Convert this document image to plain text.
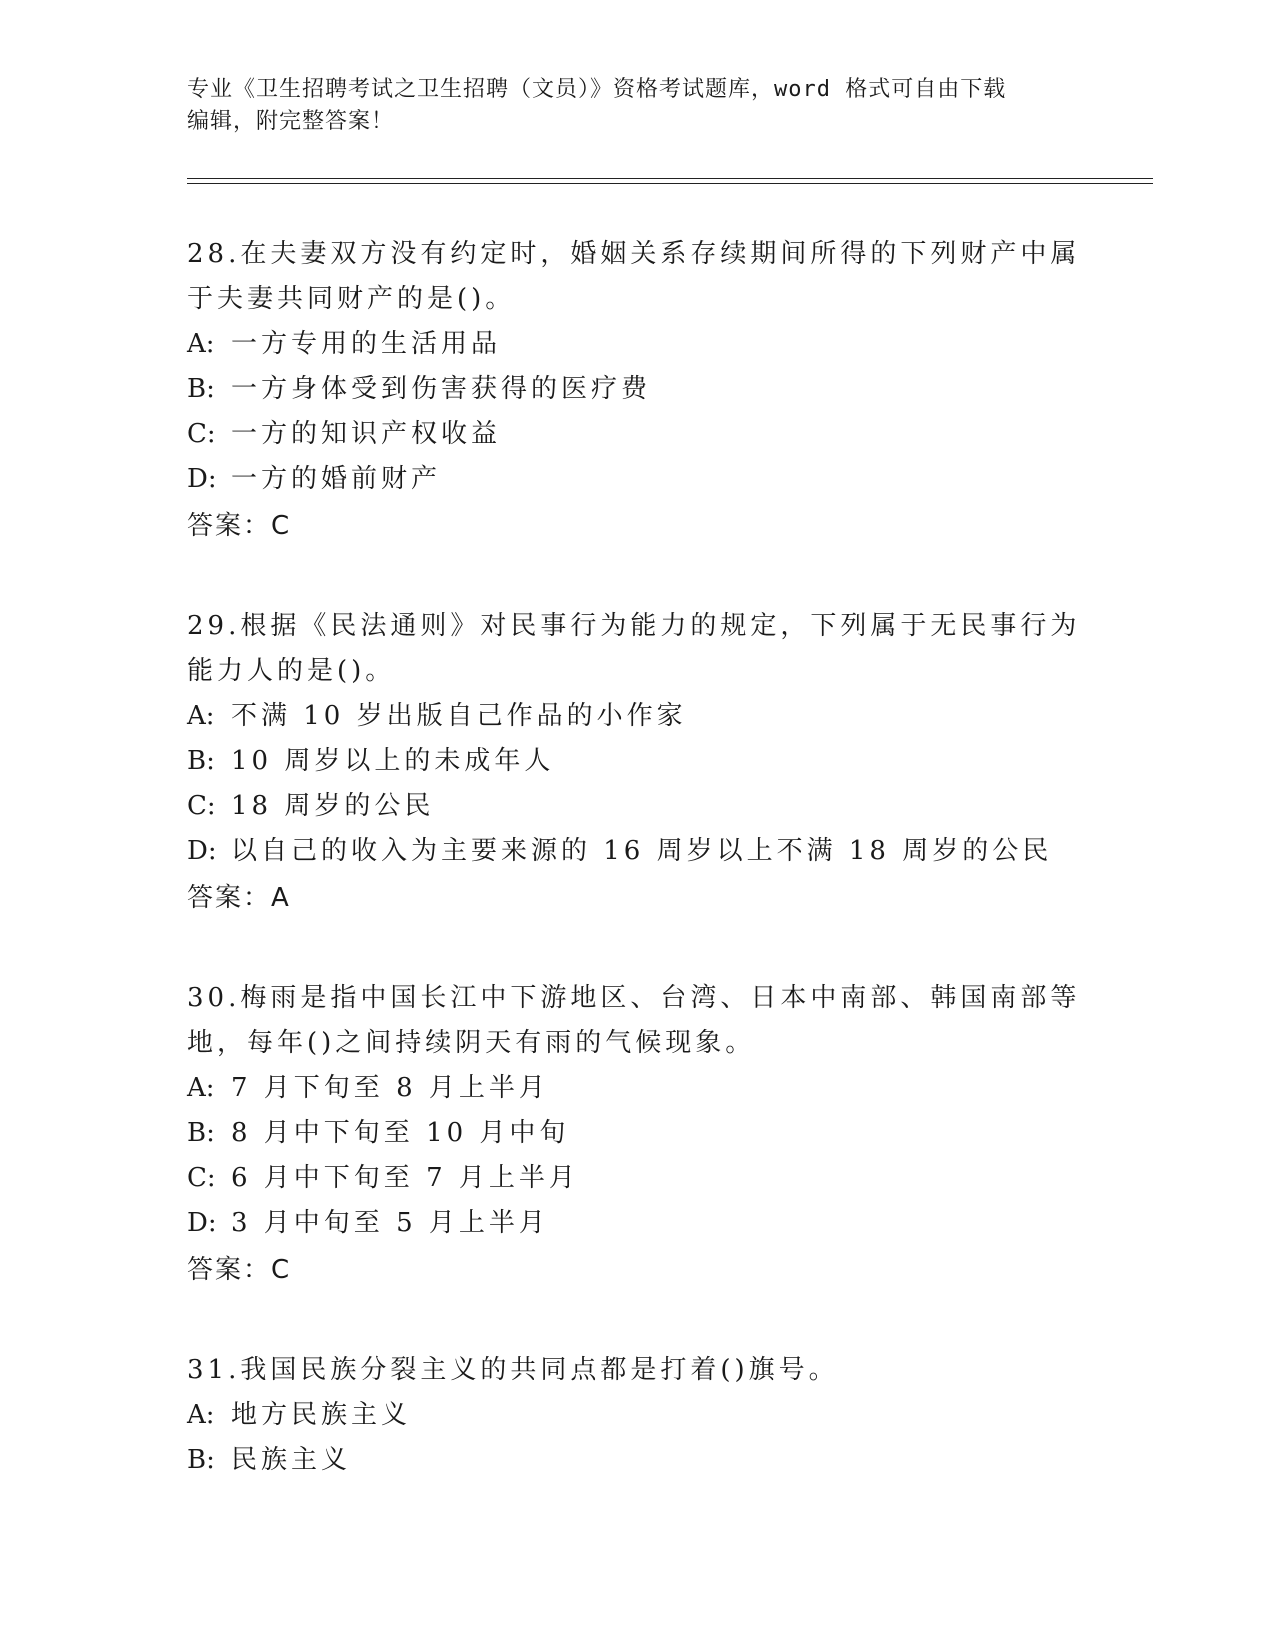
专业《卫生招聘考试之卫生招聘（文员）》资格考试题库，word 格式可自由下载
编辑，附完整答案！

28.在夫妻双方没有约定时，婚姻关系存续期间所得的下列财产中属于夫妻共同财产的是()。

A: 一方专用的生活用品
B: 一方身体受到伤害获得的医疗费
C: 一方的知识产权收益
D: 一方的婚前财产
答案：C

29.根据《民法通则》对民事行为能力的规定，下列属于无民事行为能力人的是()。

A: 不满 10 岁出版自己作品的小作家
B: 10 周岁以上的未成年人
C: 18 周岁的公民
D: 以自己的收入为主要来源的 16 周岁以上不满 18 周岁的公民
答案：A

30.梅雨是指中国长江中下游地区、台湾、日本中南部、韩国南部等地，每年()之间持续阴天有雨的气候现象。

A: 7 月下旬至 8 月上半月
B: 8 月中下旬至 10 月中旬
C: 6 月中下旬至 7 月上半月
D: 3 月中旬至 5 月上半月
答案：C

31.我国民族分裂主义的共同点都是打着()旗号。

A: 地方民族主义
B: 民族主义
